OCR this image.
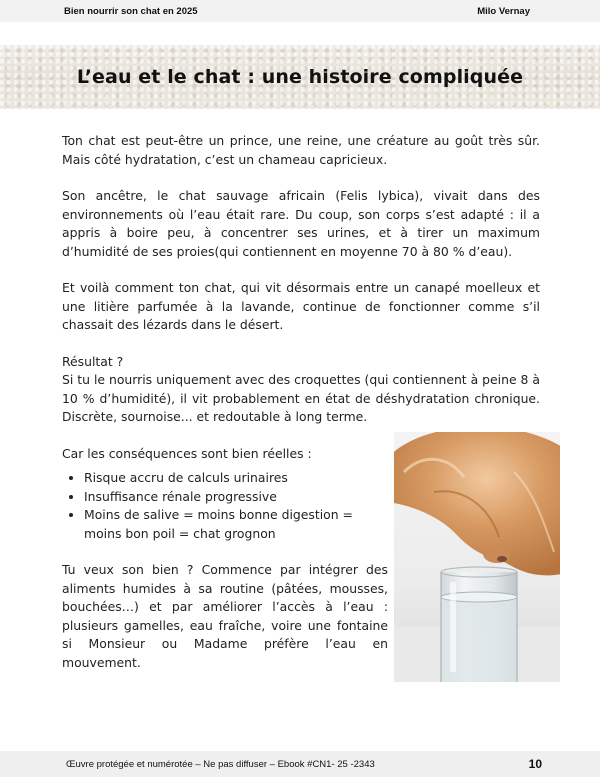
Bien nourrir son chat en 2025	Milo Vernay
L’eau et le chat : une histoire compliquée

Ton chat est peut-être un prince, une reine, une créature au goût très sûr. Mais côté hydratation, c’est un chameau capricieux.

Son ancêtre, le chat sauvage africain (Felis lybica), vivait dans des environnements où l’eau était rare. Du coup, son corps s’est adapté : il a appris à boire peu, à concentrer ses urines, et à tirer un maximum d’humidité de ses proies(qui contiennent en moyenne 70 à 80 % d’eau).

Et voilà comment ton chat, qui vit désormais entre un canapé moelleux et une litière parfumée à la lavande, continue de fonctionner comme s’il chassait des lézards dans le désert.

Résultat ?

Si tu le nourris uniquement avec des croquettes (qui contiennent à peine 8 à 10 % d’humidité), il vit probablement en état de déshydratation chronique. Discrète, sournoise... et redoutable à long terme.

Car les conséquences sont bien réelles :

• Risque accru de calculs urinaires
• Insuffisance rénale progressive
• Moins de salive = moins bonne digestion = moins bon poil = chat grognon

Tu veux son bien ? Commence par intégrer des aliments humides à sa routine (pâtées, mousses, bouchées…) et par améliorer l’accès à l’eau : plusieurs gamelles, eau fraîche, voire une fontaine si Monsieur ou Madame préfère l’eau en mouvement.

Œuvre protégée et numérotée – Ne pas diffuser – Ebook #CN1- 25 -2343	10
